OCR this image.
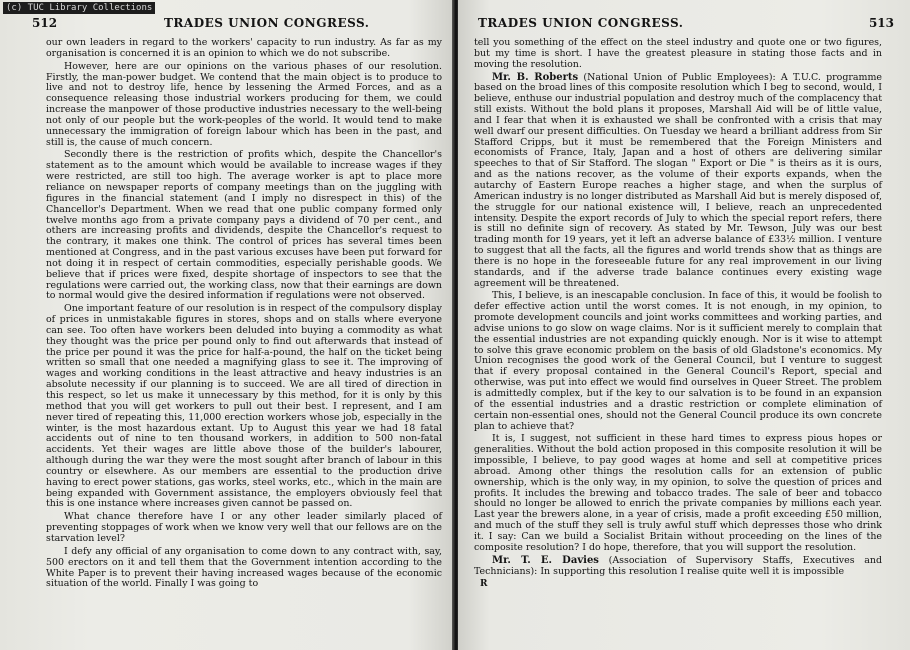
(c) TUC Library Collections
512	TRADES UNION CONGRESS.

our own leaders in regard to the workers' capacity to run industry. As far as my organisation is concerned it is an opinion to which we do not subscribe.

However, here are our opinions on the various phases of our resolution. Firstly, the man-power budget. We contend that the main object is to produce to live and not to destroy life, hence by lessening the Armed Forces, and as a consequence releasing those industrial workers producing for them, we could increase the manpower of those productive industries necessary to the well-being not only of our people but the work-peoples of the world. It would tend to make unnecessary the immigration of foreign labour which has been in the past, and still is, the cause of much concern.

Secondly there is the restriction of profits which, despite the Chancellor's statement as to the amount which would be available to increase wages if they were restricted, are still too high. The average worker is apt to place more reliance on newspaper reports of company meetings than on the juggling with figures in the financial statement (and I imply no disrespect in this) of the Chancellor's Department. When we read that one public company formed only twelve months ago from a private company pays a dividend of 70 per cent., and others are increasing profits and dividends, despite the Chancellor's request to the contrary, it makes one think. The control of prices has several times been mentioned at Congress, and in the past various excuses have been put forward for not doing it in respect of certain commodities, especially perishable goods. We believe that if prices were fixed, despite shortage of inspectors to see that the regulations were carried out, the working class, now that their earnings are down to normal would give the desired information if regulations were not observed.

One important feature of our resolution is in respect of the compulsory display of prices in unmistakable figures in stores, shops and on stalls where everyone can see. Too often have workers been deluded into buying a commodity as what they thought was the price per pound only to find out afterwards that instead of the price per pound it was the price for half-a-pound, the half on the ticket being written so small that one needed a magnifying glass to see it. The improving of wages and working conditions in the least attractive and heavy industries is an absolute necessity if our planning is to succeed. We are all tired of direction in this respect, so let us make it unnecessary by this method, for it is only by this method that you will get workers to pull out their best. I represent, and I am never tired of repeating this, 11,000 erection workers whose job, especially in the winter, is the most hazardous extant. Up to August this year we had 18 fatal accidents out of nine to ten thousand workers, in addition to 500 non-fatal accidents. Yet their wages are little above those of the builder's labourer, although during the war they were the most sought after branch of labour in this country or elsewhere. As our members are essential to the production drive having to erect power stations, gas works, steel works, etc., which in the main are being expanded with Government assistance, the employers obviously feel that this is one instance where increases given cannot be passed on.

What chance therefore have I or any other leader similarly placed of preventing stoppages of work when we know very well that our fellows are on the starvation level?

I defy any official of any organisation to come down to any contract with, say, 500 erectors on it and tell them that the Government intention according to the White Paper is to prevent their having increased wages because of the economic situation of the world. Finally I was going to

TRADES UNION CONGRESS.	513

tell you something of the effect on the steel industry and quote one or two figures, but my time is short. I have the greatest pleasure in stating those facts and in moving the resolution.

Mr. B. Roberts (National Union of Public Employees): A T.U.C. programme based on the broad lines of this composite resolution which I beg to second, would, I believe, enthuse our industrial population and destroy much of the complacency that still exists. Without the bold plans it proposes, Marshall Aid will be of little value, and I fear that when it is exhausted we shall be confronted with a crisis that may well dwarf our present difficulties. On Tuesday we heard a brilliant address from Sir Stafford Cripps, but it must be remembered that the Foreign Ministers and economists of France, Italy, Japan and a host of others are delivering similar speeches to that of Sir Stafford. The slogan " Export or Die " is theirs as it is ours, and as the nations recover, as the volume of their exports expands, when the autarchy of Eastern Europe reaches a higher stage, and when the surplus of American industry is no longer distributed as Marshall Aid but is merely disposed of, the struggle for our national existence will, I believe, reach an unprecedented intensity. Despite the export records of July to which the special report refers, there is still no definite sign of recovery. As stated by Mr. Tewson, July was our best trading month for 19 years, yet it left an adverse balance of £33½ million. I venture to suggest that all the facts, all the figures and world trends show that as things are there is no hope in the foreseeable future for any real improvement in our living standards, and if the adverse trade balance continues every existing wage agreement will be threatened.

This, I believe, is an inescapable conclusion. In face of this, it would be foolish to defer effective action until the worst comes. It is not enough, in my opinion, to promote development councils and joint works committees and working parties, and advise unions to go slow on wage claims. Nor is it sufficient merely to complain that the essential industries are not expanding quickly enough. Nor is it wise to attempt to solve this grave economic problem on the basis of old Gladstone's economics. My Union recognises the good work of the General Council, but I venture to suggest that if every proposal contained in the General Council's Report, special and otherwise, was put into effect we would find ourselves in Queer Street. The problem is admittedly complex, but if the key to our salvation is to be found in an expansion of the essential industries and a drastic restriction or complete elimination of certain non-essential ones, should not the General Council produce its own concrete plan to achieve that?

It is, I suggest, not sufficient in these hard times to express pious hopes or generalities. Without the bold action proposed in this composite resolution it will be impossible, I believe, to pay good wages at home and sell at competitive prices abroad. Among other things the resolution calls for an extension of public ownership, which is the only way, in my opinion, to solve the question of prices and profits. It includes the brewing and tobacco trades. The sale of beer and tobacco should no longer be allowed to enrich the private companies by millions each year. Last year the brewers alone, in a year of crisis, made a profit exceeding £50 million, and much of the stuff they sell is truly awful stuff which depresses those who drink it. I say: Can we build a Socialist Britain without proceeding on the lines of the composite resolution? I do hope, therefore, that you will support the resolution.

Mr. T. E. Davies (Association of Supervisory Staffs, Executives and Technicians): In supporting this resolution I realise quite well it is impossible

R
